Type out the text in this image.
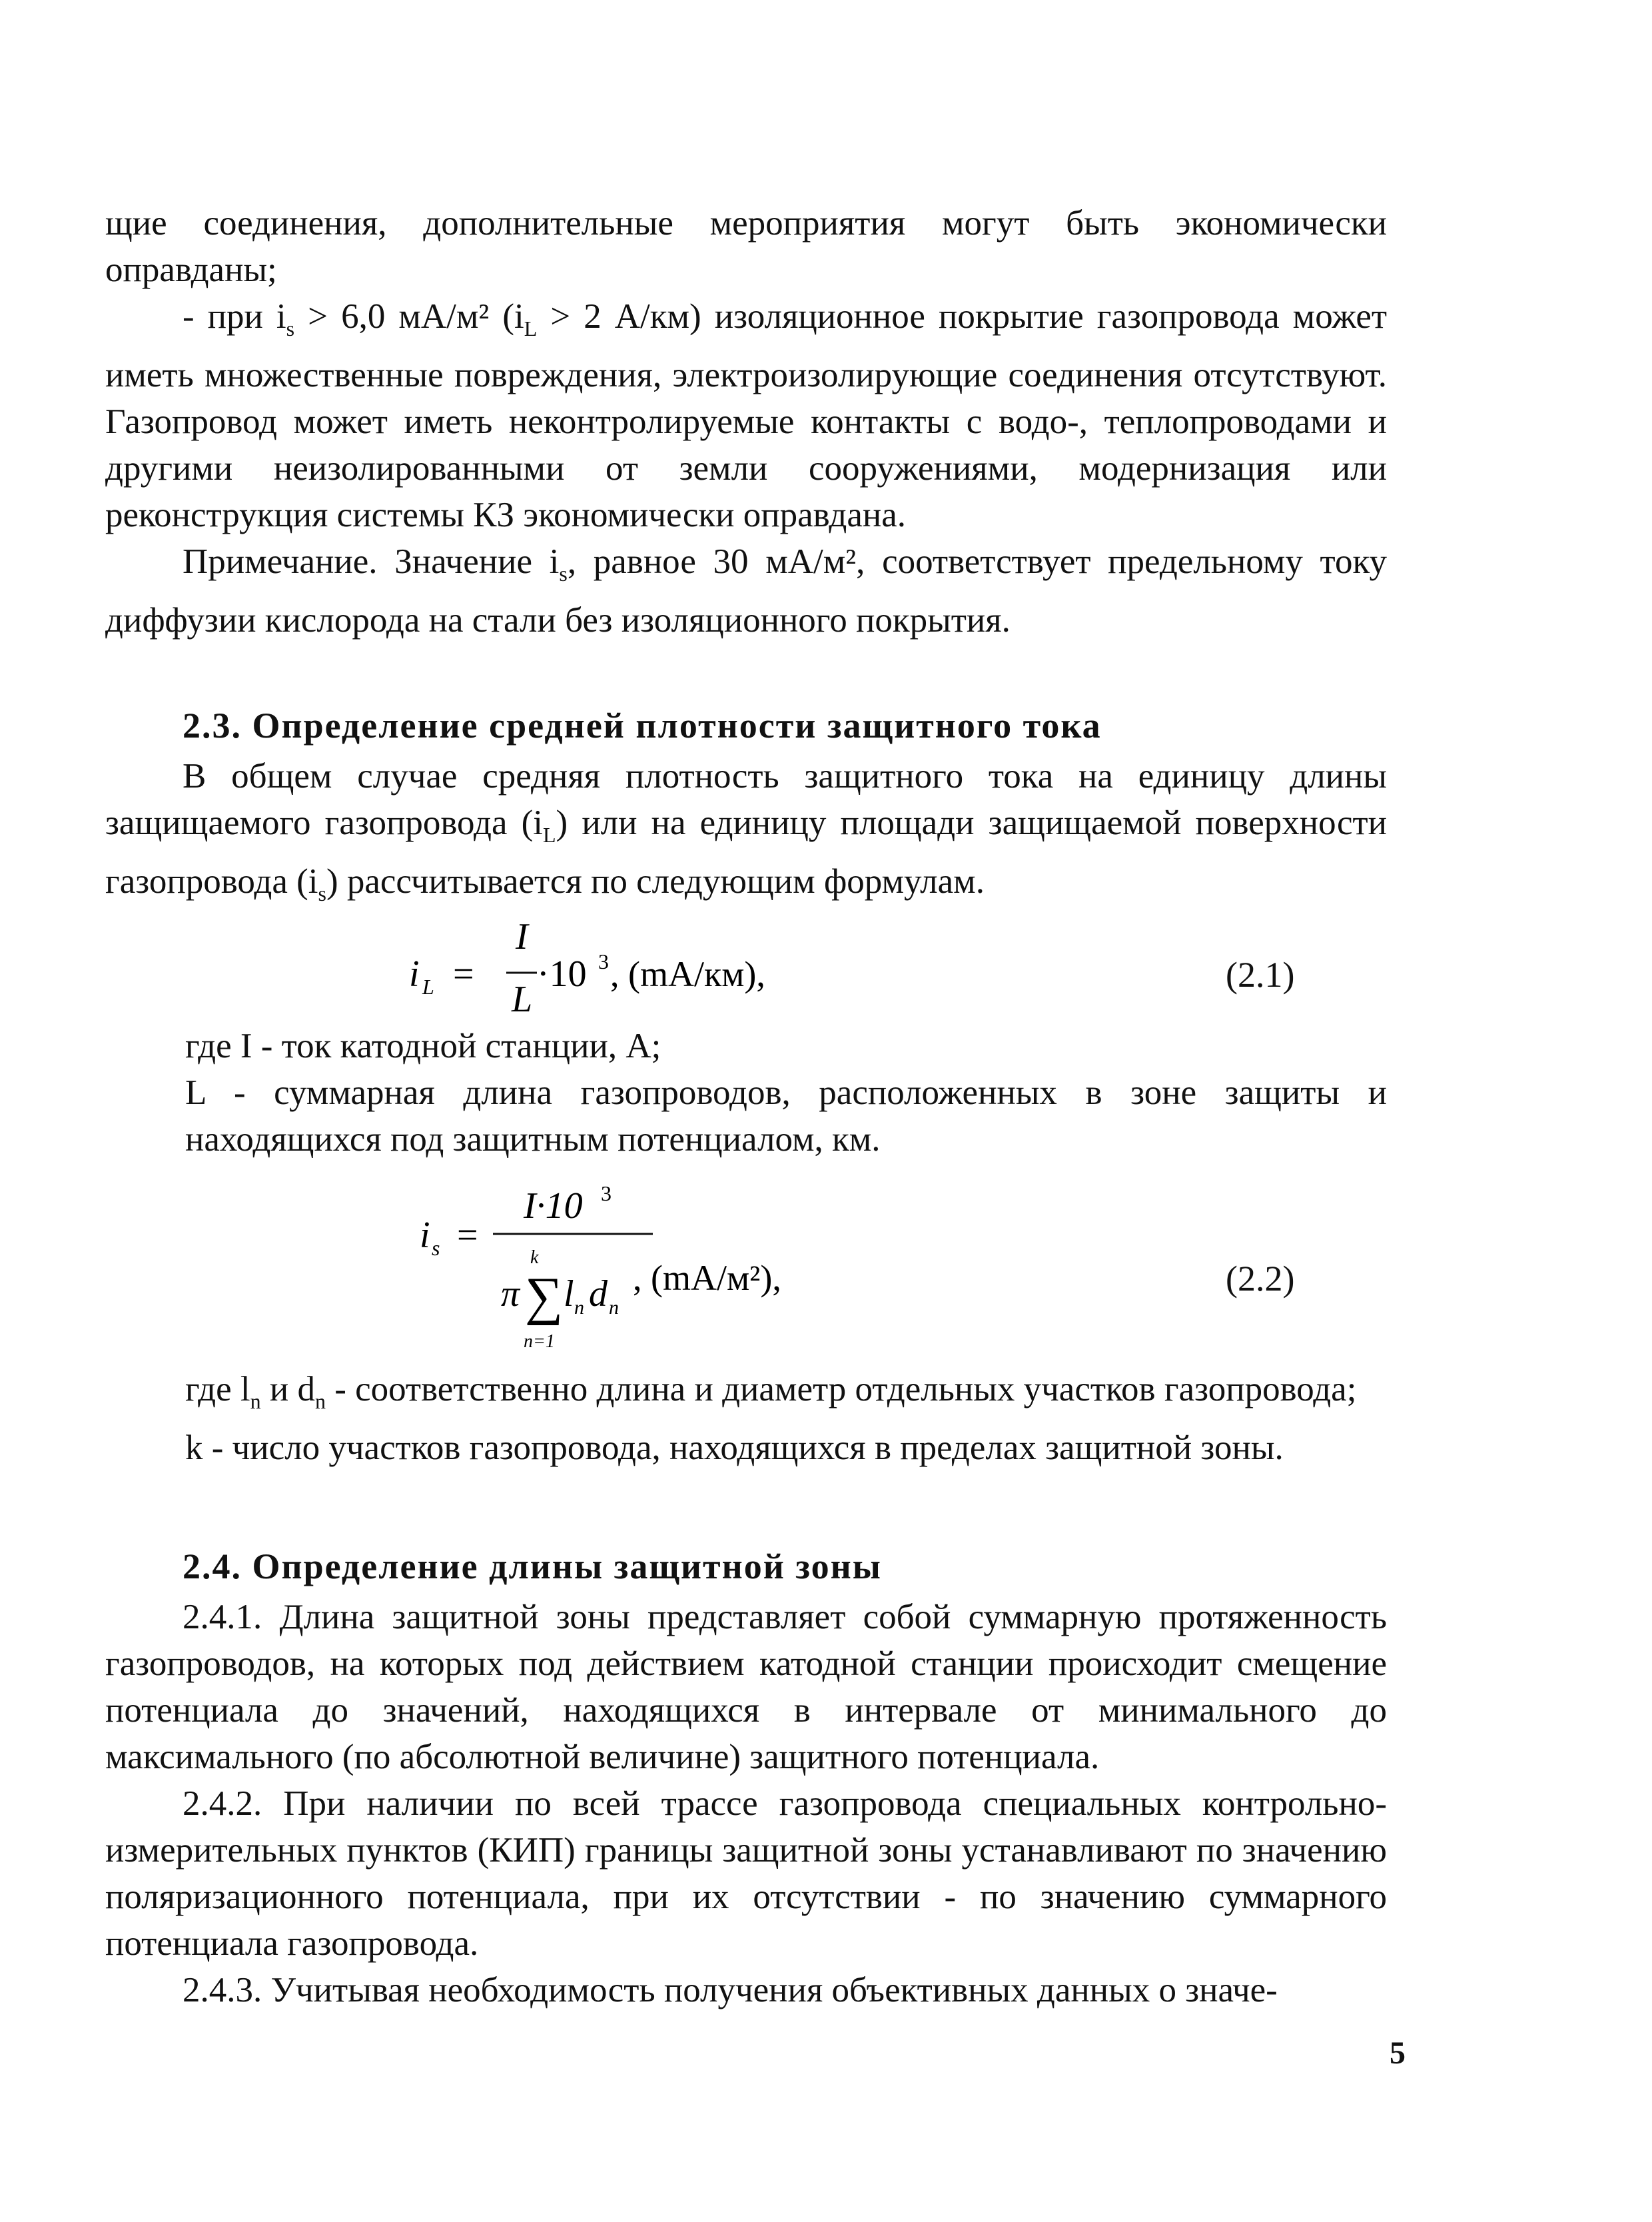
щие соединения, дополнительные мероприятия могут быть экономически оправданы;

- при $i_s > 6,0$ мА/м² ($i_L > 2$ А/км) изоляционное покрытие газопровода может иметь множественные повреждения, электроизолирующие соединения отсутствуют. Газопровод может иметь неконтролируемые контакты с водо-, теплопроводами и другими неизолированными от земли сооружениями, модернизация или реконструкция системы КЗ экономически оправдана.

Примечание. Значение $i_s$, равное 30 мА/м², соответствует предельному току диффузии кислорода на стали без изоляционного покрытия.

2.3. Определение средней плотности защитного тока

В общем случае средняя плотность защитного тока на единицу длины защищаемого газопровода $(i_L)$ или на единицу площади защищаемой поверхности газопровода $(i_s)$ рассчитывается по следующим формулам.

i L =
I
L
·10 3 , (mА/км),	(2.1)

где I - ток катодной станции, А;

L - суммарная длина газопроводов, расположенных в зоне защиты и находящихся под защитным потенциалом, км.

i s =
I·10 3
π
k
∑
n=1
l n d n
, (mА/м²),	(2.2)

где $l_n$ и $d_n$ - соответственно длина и диаметр отдельных участков газопровода;

k - число участков газопровода, находящихся в пределах защитной зоны.

2.4. Определение длины защитной зоны

2.4.1. Длина защитной зоны представляет собой суммарную протяженность газопроводов, на которых под действием катодной станции происходит смещение потенциала до значений, находящихся в интервале от минимального до максимального (по абсолютной величине) защитного потенциала.

2.4.2. При наличии по всей трассе газопровода специальных контрольно-измерительных пунктов (КИП) границы защитной зоны устанавливают по значению поляризационного потенциала, при их отсутствии - по значению суммарного потенциала газопровода.

2.4.3. Учитывая необходимость получения объективных данных о значе-

5
